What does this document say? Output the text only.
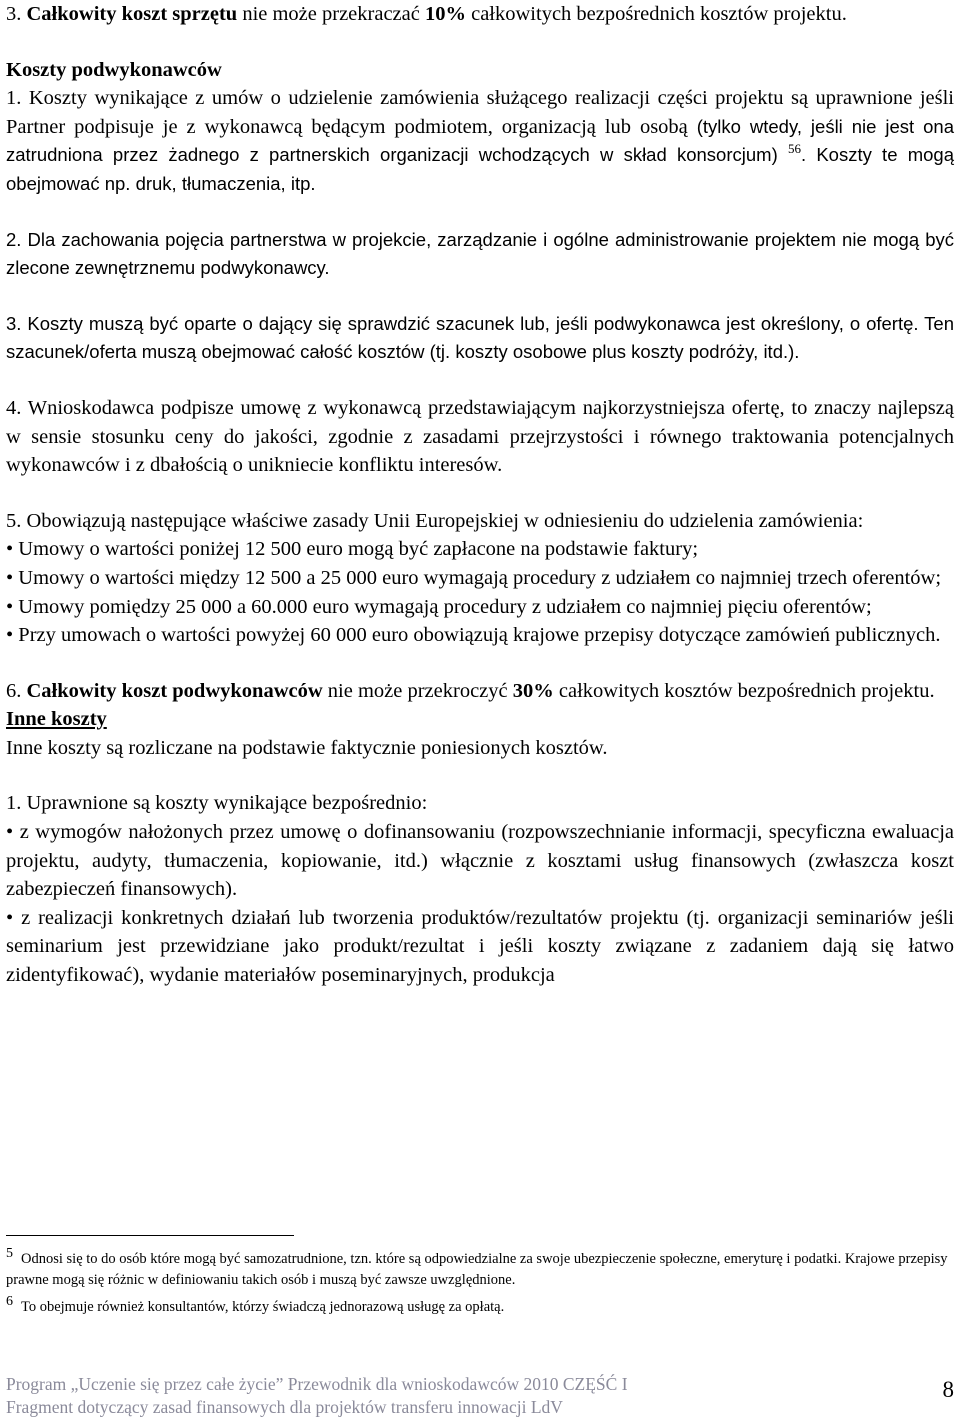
3. Całkowity koszt sprzętu nie może przekraczać 10% całkowitych bezpośrednich kosztów projektu.

Koszty podwykonawców

1. Koszty wynikające z umów o udzielenie zamówienia służącego realizacji części projektu są uprawnione jeśli Partner podpisuje je z wykonawcą będącym podmiotem, organizacją lub osobą (tylko wtedy, jeśli nie jest ona zatrudniona przez żadnego z partnerskich organizacji wchodzących w skład konsorcjum) $^{56}$. Koszty te mogą obejmować np. druk, tłumaczenia, itp.

2. Dla zachowania pojęcia partnerstwa w projekcie, zarządzanie i ogólne administrowanie projektem nie mogą być zlecone zewnętrznemu podwykonawcy.

3. Koszty muszą być oparte o dający się sprawdzić szacunek lub, jeśli podwykonawca jest określony, o ofertę. Ten szacunek/oferta muszą obejmować całość kosztów (tj. koszty osobowe plus koszty podróży, itd.).

4. Wnioskodawca podpisze umowę z wykonawcą przedstawiającym najkorzystniejsza ofertę, to znaczy najlepszą w sensie stosunku ceny do jakości, zgodnie z zasadami przejrzystości i równego traktowania potencjalnych wykonawców i z dbałością o unikniecie konfliktu interesów.

5. Obowiązują następujące właściwe zasady Unii Europejskiej w odniesieniu do udzielenia zamówienia:

• Umowy o wartości poniżej 12 500 euro mogą być zapłacone na podstawie faktury;

• Umowy o wartości między 12 500 a 25 000 euro wymagają procedury z udziałem co najmniej trzech oferentów;

• Umowy pomiędzy 25 000 a 60.000 euro wymagają procedury z udziałem co najmniej pięciu oferentów;

• Przy umowach o wartości powyżej 60 000 euro obowiązują krajowe przepisy dotyczące zamówień publicznych.

6. Całkowity koszt podwykonawców nie może przekroczyć 30% całkowitych kosztów bezpośrednich projektu.

Inne koszty

Inne koszty są rozliczane na podstawie faktycznie poniesionych kosztów.

1. Uprawnione są koszty wynikające bezpośrednio:

• z wymogów nałożonych przez umowę o dofinansowaniu (rozpowszechnianie informacji, specyficzna ewaluacja projektu, audyty, tłumaczenia, kopiowanie, itd.) włącznie z kosztami usług finansowych (zwłaszcza koszt zabezpieczeń finansowych).

• z realizacji konkretnych działań lub tworzenia produktów/rezultatów projektu (tj. organizacji seminariów jeśli seminarium jest przewidziane jako produkt/rezultat i jeśli koszty związane z zadaniem dają się łatwo zidentyfikować), wydanie materiałów poseminaryjnych, produkcja

5 Odnosi się to do osób które mogą być samozatrudnione, tzn. które są odpowiedzialne za swoje ubezpieczenie społeczne, emeryturę i podatki. Krajowe przepisy prawne mogą się różnic w definiowaniu takich osób i muszą być zawsze uwzględnione.

6 To obejmuje również konsultantów, którzy świadczą jednorazową usługę za opłatą.

Program „Uczenie się przez całe życie” Przewodnik dla wnioskodawców 2010 CZĘŚĆ I
Fragment dotyczący zasad finansowych dla projektów transferu innowacji LdV
8
